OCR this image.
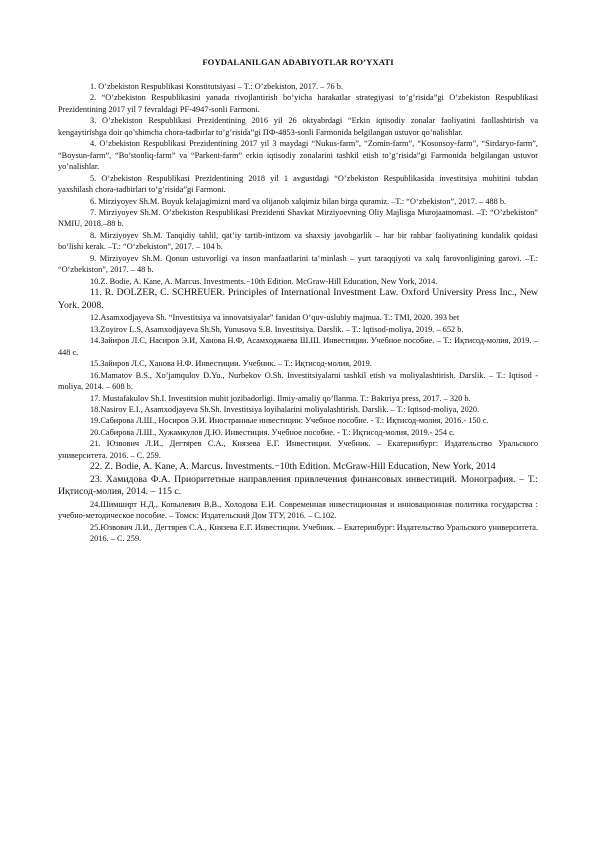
FOYDALANILGAN ADABIYOTLAR RO’YXATI

1. O’zbekiston Respublikasi Konstitutsiyasi – T.: O’zbekiston, 2017. – 76 b.

2. “O’zbekiston Respublikasini yanada rivojlantirish bo’yicha harakatlar strategiyasi to’g’risida”gi O’zbekiston Respublikasi Prezidentining 2017 yil 7 fevraldagi PF-4947-sonli Farmoni.

3. O’zbekiston Respublikasi Prezidentining 2016 yil 26 oktyabrdagi “Erkin iqtisodiy zonalar faoliyatini faollashtirish va kengaytirishga doir qo’shimcha chora-tadbirlar to’g’risida”gi ПФ-4853-sonli Farmonida belgilangan ustuvor qo’nalishlar.

4. O’zbekiston Respublikasi Prezidentining 2017 yil 3 maydagi “Nukus-farm”, “Zomin-farm”, “Kosonsoy-farm”, “Sirdaryo-farm”, “Boysun-farm”, “Bo’stonliq-farm” va “Parkent-farm” erkin iqtisodiy zonalarini tashkil etish to’g’risida”gi Farmonida belgilangan ustuvor yo’nalishlar.

5. O’zbekiston Respublikasi Prezidentining 2018 yil 1 avgustdagi “O’zbekiston Respublikasida investitsiya muhitini tubdan yaxshilash chora-tadbirlari to’g’risida”gi Farmoni.

6. Mirziyoyev Sh.M. Buyuk kelajagimizni mard va olijanob xalqimiz bilan birga quramiz. –T.: “O‘zbekiston”, 2017. – 488 b.

7. Mirziyoyev Sh.M. O’zbekiston Respublikasi Prezidenti Shavkat Mirziyoevning Oliy Majlisga Murojaatnomasi. –T: “O’zbekiston” NMIU, 2018.–88 b.

8. Mirziyoyev Sh.M. Tanqidiy tahlil, qat’iy tartib-intizom va shaxsiy javobgarlik – har bir rahbar faoliyatining kundalik qoidasi bo‘lishi kerak. –T.: “O‘zbekiston”, 2017. – 104 b.

9. Mirziyoyev Sh.M. Qonun ustuvorligi va inson manfaatlarini ta‘minlash – yurt taraqqiyoti va xalq farovonligining garovi. –T.: “O‘zbekiston”, 2017. – 48 b.

10.Z. Bodie, A. Kane, A. Marcus. Investments.−10th Edition. McGraw-Hill Education, New York, 2014.

11. R. DOLZER, C. SCHREUER. Principles of International Investment Law. Oxford University Press Inc., New York. 2008.

12.Asamxodjayeva Sh. “Investitsiya va innovatsiyalar” fanidan O’quv-uslubiy majmua. T.: TMI, 2020. 393 bet

13.Zoyirov L.S, Asamxodjayeva Sh.Sh, Yunusova S.B. Investitsiya. Darslik. – T.: Iqtisod-moliya, 2019. – 652 b.

14.Зайиров Л.С, Насиров Э.И, Ханова Н.Ф, Асамходжаева Ш.Ш. Инвестиции. Учебное пособие. – Т.: Иқтисод-молия, 2019. – 448 с.

15.Зайиров Л.С, Ханова Н.Ф. Инвестиции. Учебник. – Т.: Иқтисод-молия, 2019.

16.Mamatov B.S., Xo’jamqulov D.Yu., Nurbekov O.Sh. Investitsiyalarni tashkil etish va moliyalashtirish. Darslik. – T.: Iqtisod -moliya, 2014. – 608 b.

17. Mustafakulov Sh.I. Investitsion muhit jozibadorligi. Ilmiy-amaliy qo’llanma. T.: Baktriya press, 2017. – 320 b.

18.Nasirov E.I., Asamxodjayeva Sh.Sh. Investitsiya loyihalarini moliyalashtirish. Darslik. – T.: Iqtisod-moliya, 2020.

19.Сабирова Л.Ш., Носиров Э.И. Иностранные инвестиции: Учебное пособие. - Т.: Иқтисод-молия, 2016.- 150 с.

20.Сабирова Л.Ш., Хужамкулов Д.Ю. Инвестиция. Учебное пособие. - Т.: Иқтисод-молия, 2019.- 254 с.

21. Юзвович Л.И., Дегтярев С.А., Князева Е.Г. Инвестиции. Учебник. – Екатеринбург: Издательство Уральского университета. 2016. – С. 259.

22. Z. Bodie, A. Kane, A. Marcus. Investments.−10th Edition. McGraw-Hill Education, New York, 2014

23. Хамидова Ф.А. Приоритетные направления привлечения финансовых инвестиций. Монография. – Т.: Иқтисод-молия, 2014. – 115 с.

24.Шимширт Н.Д., Копылевич В.В., Холодова Е.И. Современная инвестиционная и инновационная политика государства : учебно-методическое пособие. – Томск: Издательский Дом ТГУ, 2016. – С.102.

25.Юзвович Л.И., Дегтярев С.А., Князева Е.Г. Инвестиции. Учебник. – Екатеринбург: Издательство Уральского университета. 2016. – С. 259.
